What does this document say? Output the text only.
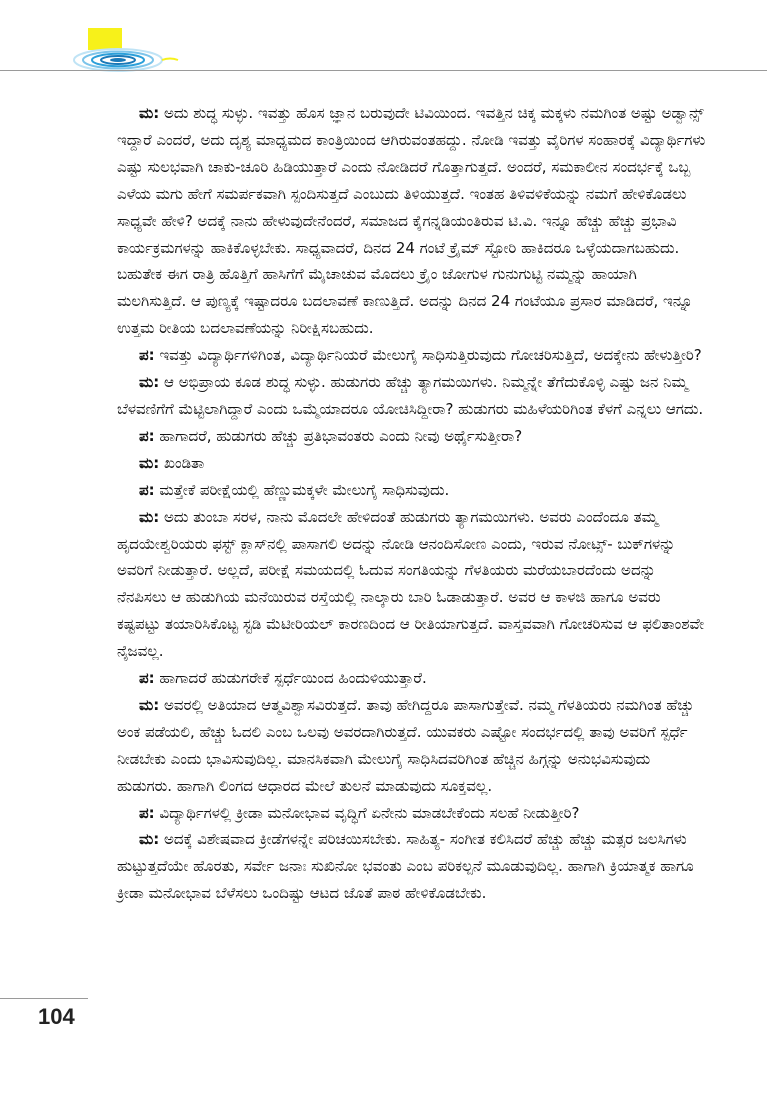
ಮ: ಅದು ಶುದ್ಧ ಸುಳ್ಳು. ಇವತ್ತು ಹೊಸ ಜ್ಞಾನ ಬರುವುದೇ ಟಿವಿಯಿಂದ. ಇವತ್ತಿನ ಚಿಕ್ಕ ಮಕ್ಕಳು ನಮಗಿಂತ ಅಷ್ಟು ಅಡ್ವಾನ್ಸ್ ಇದ್ದಾರೆ ಎಂದರೆ, ಅದು ದೃಶ್ಯ ಮಾಧ್ಯಮದ ಕಾಂತ್ರಿಯಿಂದ ಆಗಿರುವಂತಹದ್ದು. ನೋಡಿ ಇವತ್ತು ವೈರಿಗಳ ಸಂಹಾರಕ್ಕೆ ವಿದ್ಯಾರ್ಥಿಗಳು ಎಷ್ಟು ಸುಲಭವಾಗಿ ಚಾಕು-ಚೂರಿ ಹಿಡಿಯುತ್ತಾರೆ ಎಂದು ನೋಡಿದರೆ ಗೊತ್ತಾಗುತ್ತದೆ. ಅಂದರೆ, ಸಮಕಾಲೀನ ಸಂದರ್ಭಕ್ಕೆ ಒಬ್ಬ ಎಳೆಯ ಮಗು ಹೇಗೆ ಸಮರ್ಪಕವಾಗಿ ಸ್ಪಂದಿಸುತ್ತದೆ ಎಂಬುದು ತಿಳಿಯುತ್ತದೆ. ಇಂತಹ ತಿಳಿವಳಿಕೆಯನ್ನು ನಮಗೆ ಹೇಳಿಕೊಡಲು ಸಾಧ್ಯವೇ ಹೇಳಿ? ಅದಕ್ಕೆ ನಾನು ಹೇಳುವುದೇನೆಂದರೆ, ಸಮಾಜದ ಕೈಗನ್ನಡಿಯಂತಿರುವ ಟಿ.ವಿ. ಇನ್ನೂ ಹೆಚ್ಚು ಹೆಚ್ಚು ಪ್ರಭಾವಿ ಕಾರ್ಯಕ್ರಮಗಳನ್ನು ಹಾಕಿಕೊಳ್ಳಬೇಕು. ಸಾಧ್ಯವಾದರೆ, ದಿನದ 24 ಗಂಟೆ ಕ್ರೈಮ್ ಸ್ಟೋರಿ ಹಾಕಿದರೂ ಒಳ್ಳೆಯದಾಗಬಹುದು. ಬಹುತೇಕ ಈಗ ರಾತ್ರಿ ಹೊತ್ತಿಗೆ ಹಾಸಿಗೆಗೆ ಮೈಚಾಚುವ ಮೊದಲು ಕ್ರೈಂ ಜೋಗುಳ ಗುನುಗುಟ್ಟಿ ನಮ್ಮನ್ನು ಹಾಯಾಗಿ ಮಲಗಿಸುತ್ತಿದೆ. ಆ ಪುಣ್ಯಕ್ಕೆ ಇಷ್ಟಾದರೂ ಬದಲಾವಣೆ ಕಾಣುತ್ತಿದೆ. ಅದನ್ನು ದಿನದ 24 ಗಂಟೆಯೂ ಪ್ರಸಾರ ಮಾಡಿದರೆ, ಇನ್ನೂ ಉತ್ತಮ ರೀತಿಯ ಬದಲಾವಣೆಯನ್ನು ನಿರೀಕ್ಷಿಸಬಹುದು.

ಪ: ಇವತ್ತು ವಿದ್ಯಾರ್ಥಿಗಳಿಗಿಂತ, ವಿದ್ಯಾರ್ಥಿನಿಯರೆ ಮೇಲುಗೈ ಸಾಧಿಸುತ್ತಿರುವುದು ಗೋಚರಿಸುತ್ತಿದೆ, ಅದಕ್ಕೇನು ಹೇಳುತ್ತೀರಿ?

ಮ: ಆ ಅಭಿಪ್ರಾಯ ಕೂಡ ಶುದ್ಧ ಸುಳ್ಳು. ಹುಡುಗರು ಹೆಚ್ಚು ತ್ಯಾಗಮಯಿಗಳು. ನಿಮ್ಮನ್ನೇ ತೆಗೆದುಕೊಳ್ಳಿ ಎಷ್ಟು ಜನ ನಿಮ್ಮ ಬೆಳವಣಿಗೆಗೆ ಮೆಟ್ಟಿಲಾಗಿದ್ದಾರೆ ಎಂದು ಒಮ್ಮೆಯಾದರೂ ಯೋಚಿಸಿದ್ದೀರಾ? ಹುಡುಗರು ಮಹಿಳೆಯರಿಗಿಂತ ಕೆಳಗೆ ಎನ್ನಲು ಆಗದು.

ಪ: ಹಾಗಾದರೆ, ಹುಡುಗರು ಹೆಚ್ಚು ಪ್ರತಿಭಾವಂತರು ಎಂದು ನೀವು ಅರ್ಥೈಸುತ್ತೀರಾ?

ಮ: ಖಂಡಿತಾ

ಪ: ಮತ್ತೇಕೆ ಪರೀಕ್ಷೆಯಲ್ಲಿ ಹೆಣ್ಣುಮಕ್ಕಳೇ ಮೇಲುಗೈ ಸಾಧಿಸುವುದು.

ಮ: ಅದು ತುಂಬಾ ಸರಳ, ನಾನು ಮೊದಲೇ ಹೇಳಿದಂತೆ ಹುಡುಗರು ತ್ಯಾಗಮಯಿಗಳು. ಅವರು ಎಂದೆಂದೂ ತಮ್ಮ ಹೃದಯೇಶ್ವರಿಯರು ಫಸ್ಟ್ ಕ್ಲಾಸ್‌ನಲ್ಲಿ ಪಾಸಾಗಲಿ ಅದನ್ನು ನೋಡಿ ಆನಂದಿಸೋಣ ಎಂದು, ಇರುವ ನೋಟ್ಸ್- ಬುಕ್‌ಗಳನ್ನು ಅವರಿಗೆ ನೀಡುತ್ತಾರೆ. ಅಲ್ಲದೆ, ಪರೀಕ್ಷೆ ಸಮಯದಲ್ಲಿ ಓದುವ ಸಂಗತಿಯನ್ನು ಗೆಳತಿಯರು ಮರೆಯಬಾರದೆಂದು ಅದನ್ನು ನೆನಪಿಸಲು ಆ ಹುಡುಗಿಯ ಮನೆಯಿರುವ ರಸ್ತೆಯಲ್ಲಿ ನಾಲ್ಕಾರು ಬಾರಿ ಓಡಾಡುತ್ತಾರೆ. ಅವರ ಆ ಕಾಳಜಿ ಹಾಗೂ ಅವರು ಕಷ್ಟಪಟ್ಟು ತಯಾರಿಸಿಕೊಟ್ಟ ಸ್ಟಡಿ ಮೆಟೀರಿಯಲ್ ಕಾರಣದಿಂದ ಆ ರೀತಿಯಾಗುತ್ತದೆ. ವಾಸ್ತವವಾಗಿ ಗೋಚರಿಸುವ ಆ ಫಲಿತಾಂಶವೇ ನೈಜವಲ್ಲ.

ಪ: ಹಾಗಾದರೆ ಹುಡುಗರೇಕೆ ಸ್ಪರ್ಧೆಯಿಂದ ಹಿಂದುಳಿಯುತ್ತಾರೆ.

ಮ: ಅವರಲ್ಲಿ ಅತಿಯಾದ ಆತ್ಮವಿಶ್ವಾಸವಿರುತ್ತದೆ. ತಾವು ಹೇಗಿದ್ದರೂ ಪಾಸಾಗುತ್ತೇವೆ. ನಮ್ಮ ಗೆಳತಿಯರು ನಮಗಿಂತ ಹೆಚ್ಚು ಅಂಕ ಪಡೆಯಲಿ, ಹೆಚ್ಚು ಓದಲಿ ಎಂಬ ಒಲವು ಅವರದಾಗಿರುತ್ತದೆ. ಯುವಕರು ಎಷ್ಟೋ ಸಂದರ್ಭದಲ್ಲಿ ತಾವು ಅವರಿಗೆ ಸ್ಪರ್ಧೆ ನೀಡಬೇಕು ಎಂದು ಭಾವಿಸುವುದಿಲ್ಲ. ಮಾನಸಿಕವಾಗಿ ಮೇಲುಗೈ ಸಾಧಿಸಿದವರಿಗಿಂತ ಹೆಚ್ಚಿನ ಹಿಗ್ಗನ್ನು ಅನುಭವಿಸುವುದು ಹುಡುಗರು. ಹಾಗಾಗಿ ಲಿಂಗದ ಆಧಾರದ ಮೇಲೆ ತುಲನೆ ಮಾಡುವುದು ಸೂಕ್ತವಲ್ಲ.

ಪ: ವಿದ್ಯಾರ್ಥಿಗಳಲ್ಲಿ ಕ್ರೀಡಾ ಮನೋಭಾವ ವೃದ್ಧಿಗೆ ಏನೇನು ಮಾಡಬೇಕೆಂದು ಸಲಹೆ ನೀಡುತ್ತೀರಿ?

ಮ: ಅದಕ್ಕೆ ವಿಶೇಷವಾದ ಕ್ರೀಡೆಗಳನ್ನೇ ಪರಿಚಯಿಸಬೇಕು. ಸಾಹಿತ್ಯ- ಸಂಗೀತ ಕಲಿಸಿದರೆ ಹೆಚ್ಚು ಹೆಚ್ಚು ಮತ್ಸರ ಜಲಸಿಗಳು ಹುಟ್ಟುತ್ತದೆಯೇ ಹೊರತು, ಸರ್ವೇ ಜನಾಃ ಸುಖಿನೋ ಭವಂತು ಎಂಬ ಪರಿಕಲ್ಪನೆ ಮೂಡುವುದಿಲ್ಲ. ಹಾಗಾಗಿ ಕ್ರಿಯಾತ್ಮಕ ಹಾಗೂ ಕ್ರೀಡಾ ಮನೋಭಾವ ಬೆಳೆಸಲು ಒಂದಿಷ್ಟು ಆಟದ ಜೊತೆ ಪಾಠ ಹೇಳಿಕೊಡಬೇಕು.

104
